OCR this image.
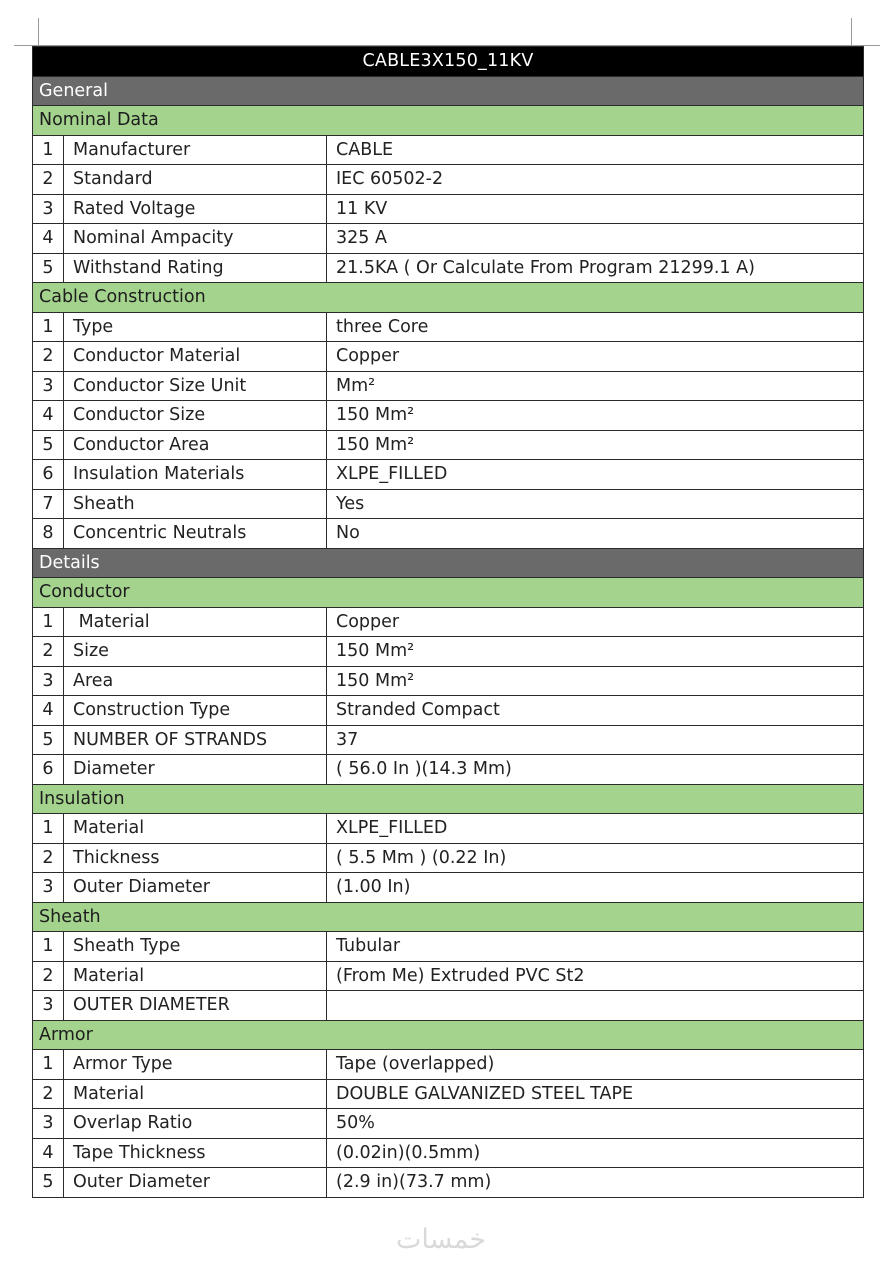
CABLE3X150_11KV		
General		
Nominal Data		
1	Manufacturer	CABLE
2	Standard	IEC 60502-2
3	Rated Voltage	11 KV
4	Nominal Ampacity	325 A
5	Withstand Rating	21.5KA ( Or Calculate From Program 21299.1 A)
Cable Construction		
1	Type	three Core
2	Conductor Material	Copper
3	Conductor Size Unit	Mm²
4	Conductor Size	150 Mm²
5	Conductor Area	150 Mm²
6	Insulation Materials	XLPE_FILLED
7	Sheath	Yes
8	Concentric Neutrals	No
Details		
Conductor		
1	Material	Copper
2	Size	150 Mm²
3	Area	150 Mm²
4	Construction Type	Stranded Compact
5	NUMBER OF STRANDS	37
6	Diameter	( 56.0 In )(14.3 Mm)
Insulation		
1	Material	XLPE_FILLED
2	Thickness	( 5.5 Mm ) (0.22 In)
3	Outer Diameter	(1.00 In)
Sheath		
1	Sheath Type	Tubular
2	Material	(From Me) Extruded PVC St2
3	OUTER DIAMETER	
Armor		
1	Armor Type	Tape (overlapped)
2	Material	DOUBLE GALVANIZED STEEL TAPE
3	Overlap Ratio	50%
4	Tape Thickness	(0.02in)(0.5mm)
5	Outer Diameter	(2.9 in)(73.7 mm)
خمسات
